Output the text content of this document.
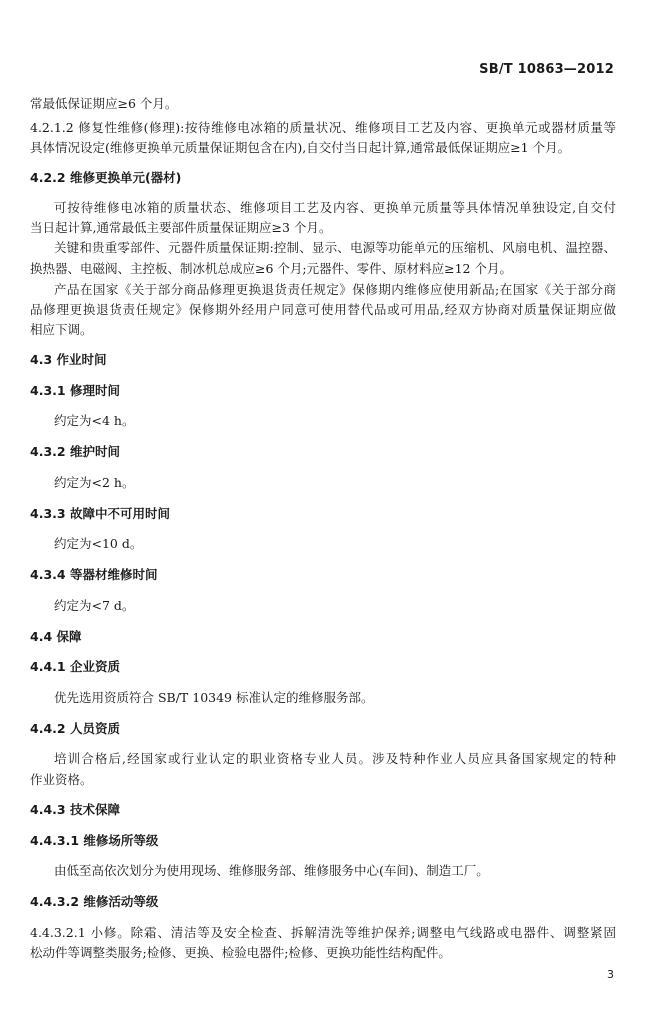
SB/T 10863—2012
常最低保证期应≥6 个月。
4.2.1.2 修复性维修(修理):按待维修电冰箱的质量状况、维修项目工艺及内容、更换单元或器材质量等
具体情况设定(维修更换单元质量保证期包含在内),自交付当日起计算,通常最低保证期应≥1 个月。
4.2.2 维修更换单元(器材)
可按待维修电冰箱的质量状态、维修项目工艺及内容、更换单元质量等具体情况单独设定,自交付
当日起计算,通常最低主要部件质量保证期应≥3 个月。
关键和贵重零部件、元器件质量保证期:控制、显示、电源等功能单元的压缩机、风扇电机、温控器、
换热器、电磁阀、主控板、制冰机总成应≥6 个月;元器件、零件、原材料应≥12 个月。
产品在国家《关于部分商品修理更换退货责任规定》保修期内维修应使用新品;在国家《关于部分商
品修理更换退货责任规定》保修期外经用户同意可使用替代品或可用品,经双方协商对质量保证期应做
相应下调。
4.3 作业时间
4.3.1 修理时间
约定为<4 h。
4.3.2 维护时间
约定为<2 h。
4.3.3 故障中不可用时间
约定为<10 d。
4.3.4 等器材维修时间
约定为<7 d。
4.4 保障
4.4.1 企业资质
优先选用资质符合 SB/T 10349 标准认定的维修服务部。
4.4.2 人员资质
培训合格后,经国家或行业认定的职业资格专业人员。涉及特种作业人员应具备国家规定的特种
作业资格。
4.4.3 技术保障
4.4.3.1 维修场所等级
由低至高依次划分为使用现场、维修服务部、维修服务中心(车间)、制造工厂。
4.4.3.2 维修活动等级
4.4.3.2.1 小修。除霜、清洁等及安全检查、拆解清洗等维护保养;调整电气线路或电器件、调整紧固
松动件等调整类服务;检修、更换、检验电器件;检修、更换功能性结构配件。
3
